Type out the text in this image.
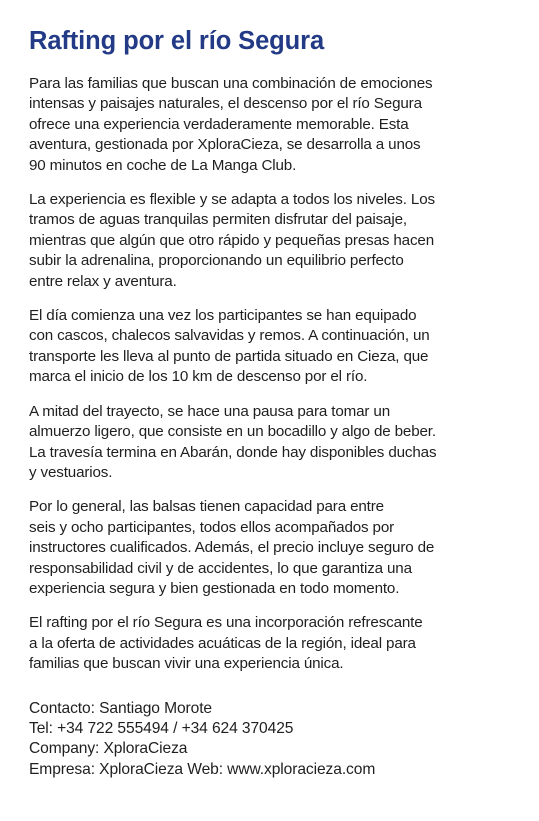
Rafting por el río Segura

Para las familias que buscan una combinación de emociones
intensas y paisajes naturales, el descenso por el río Segura
ofrece una experiencia verdaderamente memorable. Esta
aventura, gestionada por XploraCieza, se desarrolla a unos
90 minutos en coche de La Manga Club.

La experiencia es flexible y se adapta a todos los niveles. Los
tramos de aguas tranquilas permiten disfrutar del paisaje,
mientras que algún que otro rápido y pequeñas presas hacen
subir la adrenalina, proporcionando un equilibrio perfecto
entre relax y aventura.

El día comienza una vez los participantes se han equipado
con cascos, chalecos salvavidas y remos. A continuación, un
transporte les lleva al punto de partida situado en Cieza, que
marca el inicio de los 10 km de descenso por el río.

A mitad del trayecto, se hace una pausa para tomar un
almuerzo ligero, que consiste en un bocadillo y algo de beber.
La travesía termina en Abarán, donde hay disponibles duchas
y vestuarios.

Por lo general, las balsas tienen capacidad para entre
seis y ocho participantes, todos ellos acompañados por
instructores cualificados. Además, el precio incluye seguro de
responsabilidad civil y de accidentes, lo que garantiza una
experiencia segura y bien gestionada en todo momento.

El rafting por el río Segura es una incorporación refrescante
a la oferta de actividades acuáticas de la región, ideal para
familias que buscan vivir una experiencia única.

Contacto: Santiago Morote
Tel: +34 722 555494 / +34 624 370425
Company: XploraCieza
Empresa: XploraCieza Web: www.xploracieza.com
